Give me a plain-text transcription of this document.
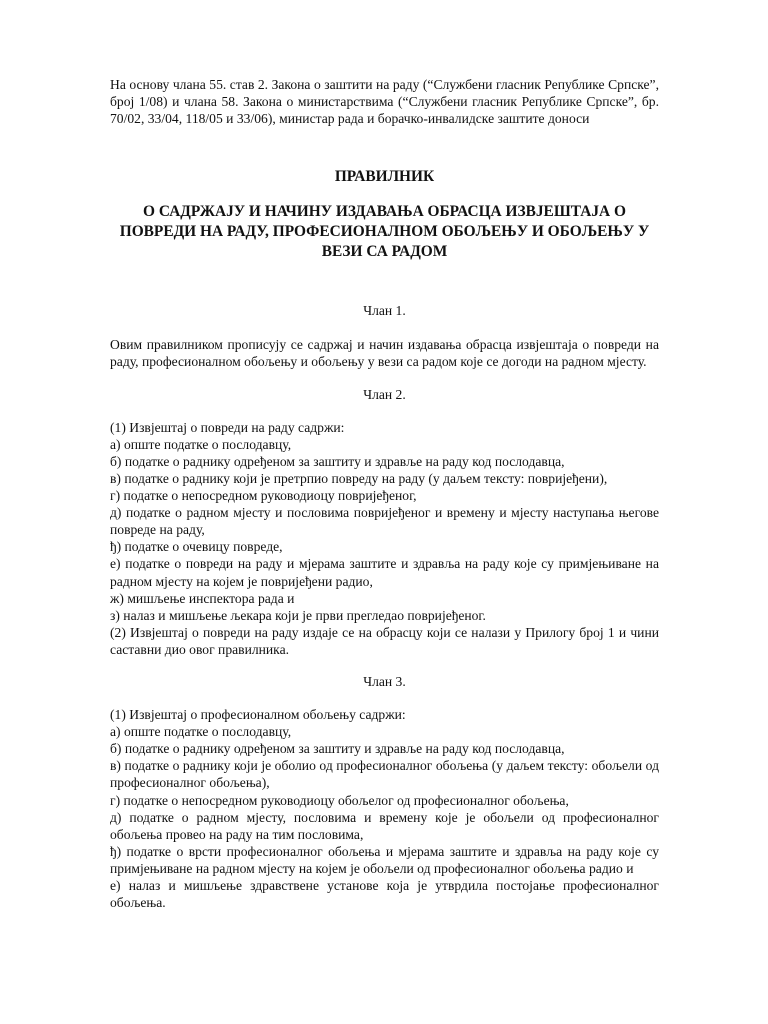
На основу члана 55. став 2. Закона о заштити на раду (“Службени гласник Републике Српске”, број 1/08) и члана 58. Закона о министарствима (“Службени гласник Републике Српске”, бр. 70/02, 33/04, 118/05 и 33/06), министар рада и борачко-инвалидске заштите доноси

ПРАВИЛНИК

О САДРЖАЈУ И НАЧИНУ ИЗДАВАЊА ОБРАСЦА ИЗВЈЕШТАЈА О ПОВРЕДИ НА РАДУ, ПРОФЕСИОНАЛНОМ ОБОЉЕЊУ И ОБОЉЕЊУ У ВЕЗИ СА РАДОМ

Члан 1.

Овим правилником прописују се садржај и начин издавања обрасца извјештаја о повреди на раду, професионалном обољењу и обољењу у вези са радом које се догоди на радном мјесту.

Члан 2.

(1) Извјештај о повреди на раду садржи:

а) опште податке о послодавцу,

б) податке о раднику одређеном за заштиту и здравље на раду код послодавца,

в) податке о раднику који је претрпио повреду на раду (у даљем тексту: повријеђени),

г) податке о непосредном руководиоцу повријеђеног,

д) податке о радном мјесту и пословима повријеђеног и времену и мјесту наступања његове повреде на раду,

ђ) податке о очевицу повреде,

е) податке о повреди на раду и мјерама заштите и здравља на раду које су примјењиване на радном мјесту на којем је повријеђени радио,

ж) мишљење инспектора рада и

з) налаз и мишљење љекара који је први прегледао повријеђеног.

(2) Извјештај о повреди на раду издаје се на обрасцу који се налази у Прилогу број 1 и чини саставни дио овог правилника.

Члан 3.

(1) Извјештај о професионалном обољењу садржи:

а) опште податке о послодавцу,

б) податке о раднику одређеном за заштиту и здравље на раду код послодавца,

в) податке о раднику који је оболио од професионалног обољења (у даљем тексту: обољели од професионалног обољења),

г) податке о непосредном руководиоцу обољелог од професионалног обољења,

д) податке о радном мјесту, пословима и времену које је обољели од професионалног обољења провео на раду на тим пословима,

ђ) податке о врсти професионалног обољења и мјерама заштите и здравља на раду које су примјењиване на радном мјесту на којем је обољели од професионалног обољења радио и

е) налаз и мишљење здравствене установе која је утврдила постојање професионалног обољења.
